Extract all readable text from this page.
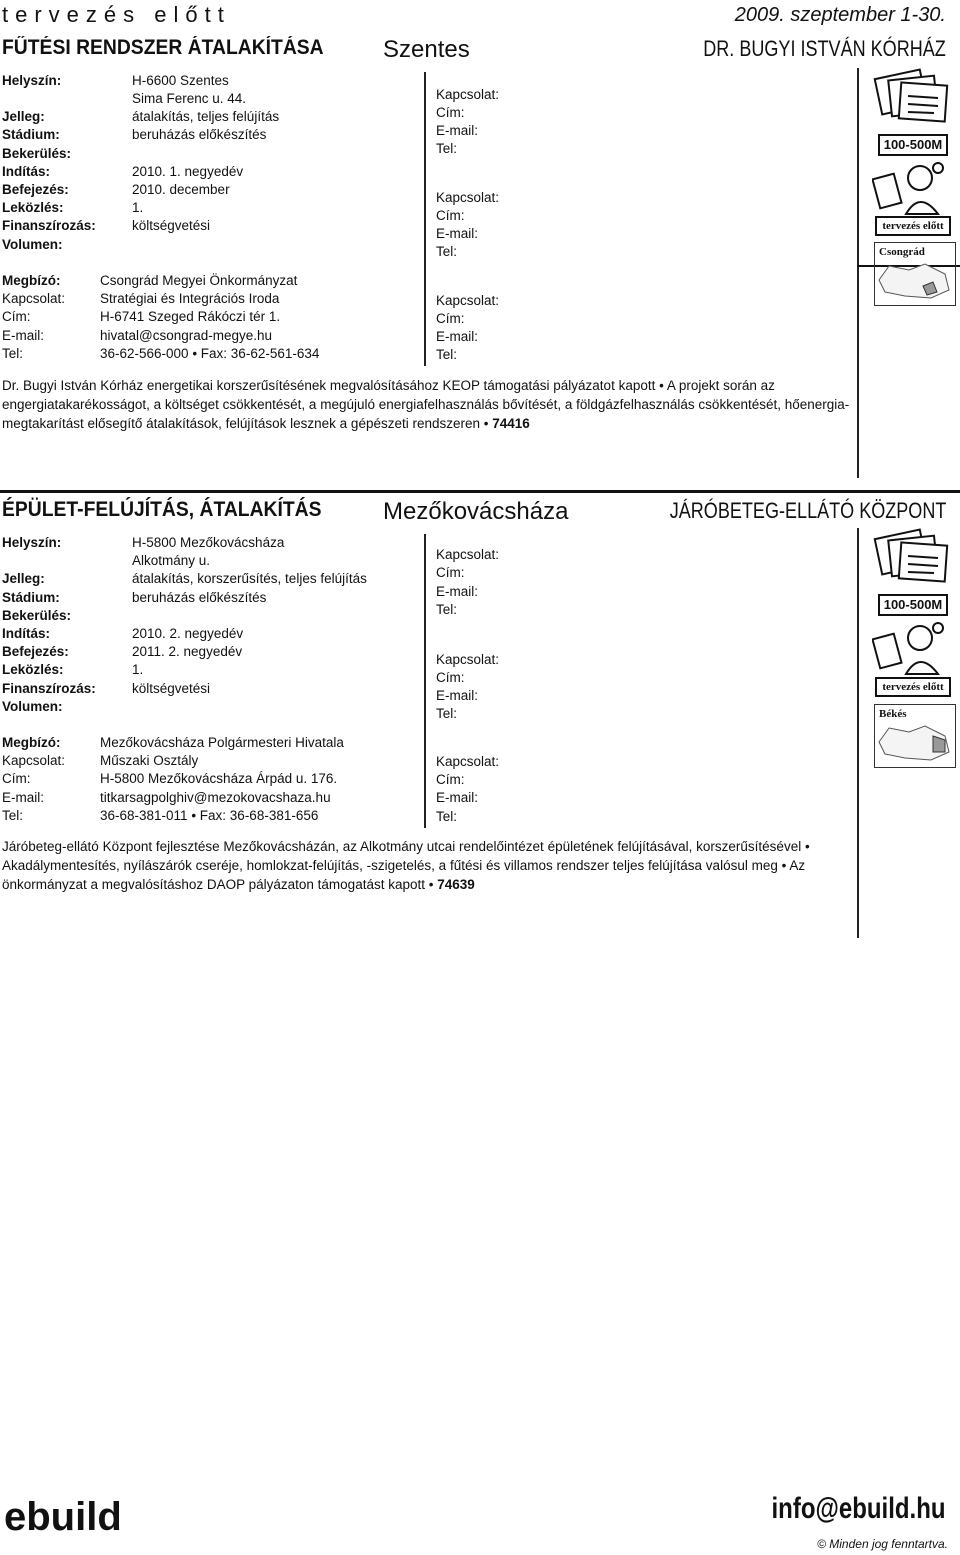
tervezés előtt	2009. szeptember 1-30.
FŰTÉSI RENDSZER ÁTALAKÍTÁSA Szentes	DR. BUGYI ISTVÁN KÓRHÁZ
Helyszín:	H-6600 Szentes
Sima Ferenc u. 44.
Jelleg:	átalakítás, teljes felújítás
Stádium:	beruházás előkészítés
Bekerülés:
Indítás:	2010. 1. negyedév
Befejezés:	2010. december
Leközlés:	1.
Finanszírozás:	költségvetési
Volumen:
Megbízó:	Csongrád Megyei Önkormányzat
Kapcsolat:	Stratégiai és Integrációs Iroda
Cím:	H-6741 Szeged Rákóczi tér 1.
E-mail:	hivatal@csongrad-megye.hu
Tel:	36-62-566-000 • Fax: 36-62-561-634
Kapcsolat:
Cím:
E-mail:
Tel:
Kapcsolat:
Cím:
E-mail:
Tel:
Kapcsolat:
Cím:
E-mail:
Tel:
Dr. Bugyi István Kórház energetikai korszerűsítésének megvalósításához KEOP támogatási pályázatot kapott • A projekt során az engergiatakarékosságot, a költséget csökkentését, a megújuló energiafelhasználás bővítését, a földgázfelhasználás csökkentését, hőenergia-megtakarítást elősegítő átalakítások, felújítások lesznek a gépészeti rendszeren • 74416
100-500M
tervezés előtt
Csongrád
ÉPÜLET-FELÚJÍTÁS, ÁTALAKÍTÁS	Mezőkovácsháza	JÁRÓBETEG-ELLÁTÓ KÖZPONT
Helyszín:	H-5800 Mezőkovácsháza
Alkotmány u.
Jelleg:	átalakítás, korszerűsítés, teljes felújítás
Stádium:	beruházás előkészítés
Bekerülés:
Indítás:	2010. 2. negyedév
Befejezés:	2011. 2. negyedév
Leközlés:	1.
Finanszírozás:	költségvetési
Volumen:
Megbízó:	Mezőkovácsháza Polgármesteri Hivatala
Kapcsolat:	Műszaki Osztály
Cím:	H-5800 Mezőkovácsháza Árpád u. 176.
E-mail:	titkarsagpolghiv@mezokovacshaza.hu
Tel:	36-68-381-011 • Fax: 36-68-381-656
Kapcsolat:
Cím:
E-mail:
Tel:
Kapcsolat:
Cím:
E-mail:
Tel:
Kapcsolat:
Cím:
E-mail:
Tel:
Járóbeteg-ellátó Központ fejlesztése Mezőkovácsházán, az Alkotmány utcai rendelőintézet épületének felújításával, korszerűsítésével • Akadálymentesítés, nyílászárók cseréje, homlokzat-felújítás, -szigetelés, a fűtési és villamos rendszer teljes felújítása valósul meg • Az önkormányzat a megvalósításhoz DAOP pályázaton támogatást kapott • 74639
100-500M
tervezés előtt
Békés
ebuild	info@ebuild.hu
© Minden jog fenntartva.
